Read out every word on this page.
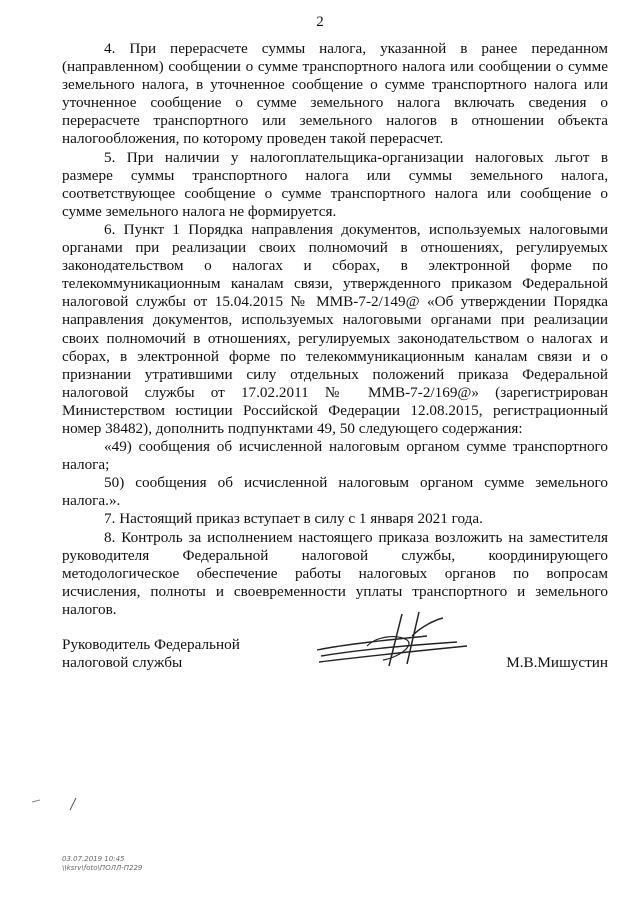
2

4. При перерасчете суммы налога, указанной в ранее переданном (направленном) сообщении о сумме транспортного налога или сообщении о сумме земельного налога, в уточненное сообщение о сумме транспортного налога или уточненное сообщение о сумме земельного налога включать сведения о перерасчете транспортного или земельного налогов в отношении объекта налогообложения, по которому проведен такой перерасчет.

5. При наличии у налогоплательщика-организации налоговых льгот в размере суммы транспортного налога или суммы земельного налога, соответствующее сообщение о сумме транспортного налога или сообщение о сумме земельного налога не формируется.

6. Пункт 1 Порядка направления документов, используемых налоговыми органами при реализации своих полномочий в отношениях, регулируемых законодательством о налогах и сборах, в электронной форме по телекоммуникационным каналам связи, утвержденного приказом Федеральной налоговой службы от 15.04.2015 № ММВ-7-2/149@ «Об утверждении Порядка направления документов, используемых налоговыми органами при реализации своих полномочий в отношениях, регулируемых законодательством о налогах и сборах, в электронной форме по телекоммуникационным каналам связи и о признании утратившими силу отдельных положений приказа Федеральной налоговой службы от 17.02.2011 № ММВ-7-2/169@» (зарегистрирован Министерством юстиции Российской Федерации 12.08.2015, регистрационный номер 38482), дополнить подпунктами 49, 50 следующего содержания:

«49) сообщения об исчисленной налоговым органом сумме транспортного налога;

50) сообщения об исчисленной налоговым органом сумме земельного налога.».

7. Настоящий приказ вступает в силу с 1 января 2021 года.

8. Контроль за исполнением настоящего приказа возложить на заместителя руководителя Федеральной налоговой службы, координирующего методологическое обеспечение работы налоговых органов по вопросам исчисления, полноты и своевременности уплаты транспортного и земельного налогов.

Руководитель Федеральной
налоговой службы	М.В.Мишустин
03.07.2019 10:45
\\ksrv\foto\ПОЛЛ-П229
